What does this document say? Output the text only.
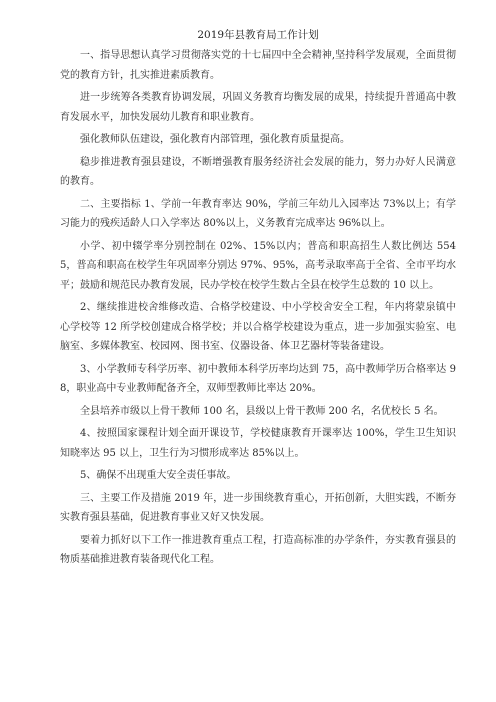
2019年县教育局工作计划

一、指导思想认真学习贯彻落实党的十七届四中全会精神,坚持科学发展观，全面贯彻党的教育方针，扎实推进素质教育。

进一步统筹各类教育协调发展，巩固义务教育均衡发展的成果，持续提升普通高中教育发展水平，加快发展幼儿教育和职业教育。

强化教师队伍建设，强化教育内部管理，强化教育质量提高。

稳步推进教育强县建设，不断增强教育服务经济社会发展的能力，努力办好人民满意的教育。

二、主要指标 1、学前一年教育率达 90%，学前三年幼儿入园率达 73%以上；有学习能力的残疾适龄人口入学率达 80%以上，义务教育完成率达 96%以上。

小学、初中辍学率分别控制在 02%、15%以内；普高和职高招生人数比例达 5545，普高和职高在校学生年巩固率分别达 97%、95%，高考录取率高于全省、全市平均水平；鼓励和规范民办教育发展，民办学校在校学生数占全县在校学生总数的 10 以上。

2、继续推进校舍维修改造、合格学校建设、中小学校舍安全工程，年内将蒙泉镇中心学校等 12 所学校创建成合格学校；并以合格学校建设为重点，进一步加强实验室、电脑室、多媒体教室、校园网、图书室、仪器设备、体卫艺器材等装备建设。

3、小学教师专科学历率、初中教师本科学历率均达到 75，高中教师学历合格率达 98，职业高中专业教师配备齐全，双师型教师比率达 20%。

全县培养市级以上骨干教师 100 名，县级以上骨干教师 200 名，名优校长 5 名。

4、按照国家课程计划全面开课设节，学校健康教育开课率达 100%，学生卫生知识知晓率达 95 以上，卫生行为习惯形成率达 85%以上。

5、确保不出现重大安全责任事故。

三、主要工作及措施 2019 年，进一步围绕教育重心，开拓创新，大胆实践，不断夯实教育强县基础，促进教育事业又好又快发展。

要着力抓好以下工作一推进教育重点工程，打造高标准的办学条件，夯实教育强县的物质基础推进教育装备现代化工程。
